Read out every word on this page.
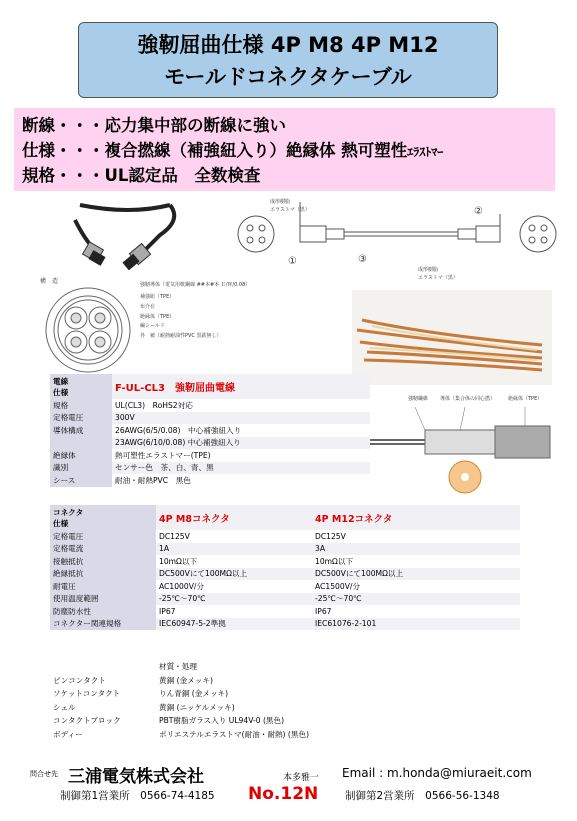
強靭屈曲仕様 4P M8 4P M12
モールドコネクタケーブル
断線・・・応力集中部の断線に強い
仕様・・・複合撚線（補強紐入り）絶縁体 熱可塑性ｴﾗｽﾄﾏｰ
規格・・・UL認定品　全数検査
①
②
③
成形樹脂
エラストマ（黒）
成形樹脂
エラストマ（黒）
構　造	強靭導体（電気用軟鋼線 ##本#本 Ｅ/Ｗ/0.08）
補強紐（TPE）
布介在
絶縁体（TPE）
編シールド
外　被（耐熱耐油性PVC 黒鉄無し）
強靭繊維 導体（集合体の同心撚）	絶縁体（TPE）
電線
仕様	F-UL-CL3　強靭屈曲電線
規格	UL(CL3)　RoHS2対応
定格電圧	300V
導体構成	26AWG(6/5/0.08)　中心補強紐入り
	23AWG(6/10/0.08) 中心補強紐入り
絶縁体	熱可塑性エラストマー(TPE)
識別	センサー色　茶、白、青、黒
シース	耐油・耐熱PVC　黒色
コネクタ
仕様	4P M8コネクタ	4P M12コネクタ
定格電圧	DC125V	DC125V
定格電流	1A	3A
接触抵抗	10mΩ以下	10mΩ以下
絶縁抵抗	DC500Vにて100MΩ以上	DC500Vにて100MΩ以上
耐電圧	AC1000V/分	AC1500V/分
使用温度範囲	-25℃～70℃	-25℃～70℃
防塵防水性	IP67	IP67
コネクター関連規格	IEC60947-5-2準拠	IEC61076-2-101
	材質・処理
ピンコンタクト	黄銅 (金メッキ)
ソケットコンタクト	りん青銅 (金メッキ)
シェル	黄銅 (ニッケルメッキ)
コンタクトブロック	PBT樹脂ガラス入り UL94V-0 (黒色)
ボディー	ポリエステルエラストマ(耐油・耐熱) (黒色)
問合せ先 三浦電気株式会社	本多雅一 Email : m.honda@miuraeit.com
制御第1営業所　0566-74-4185 No.12N	制御第2営業所　0566-56-1348
